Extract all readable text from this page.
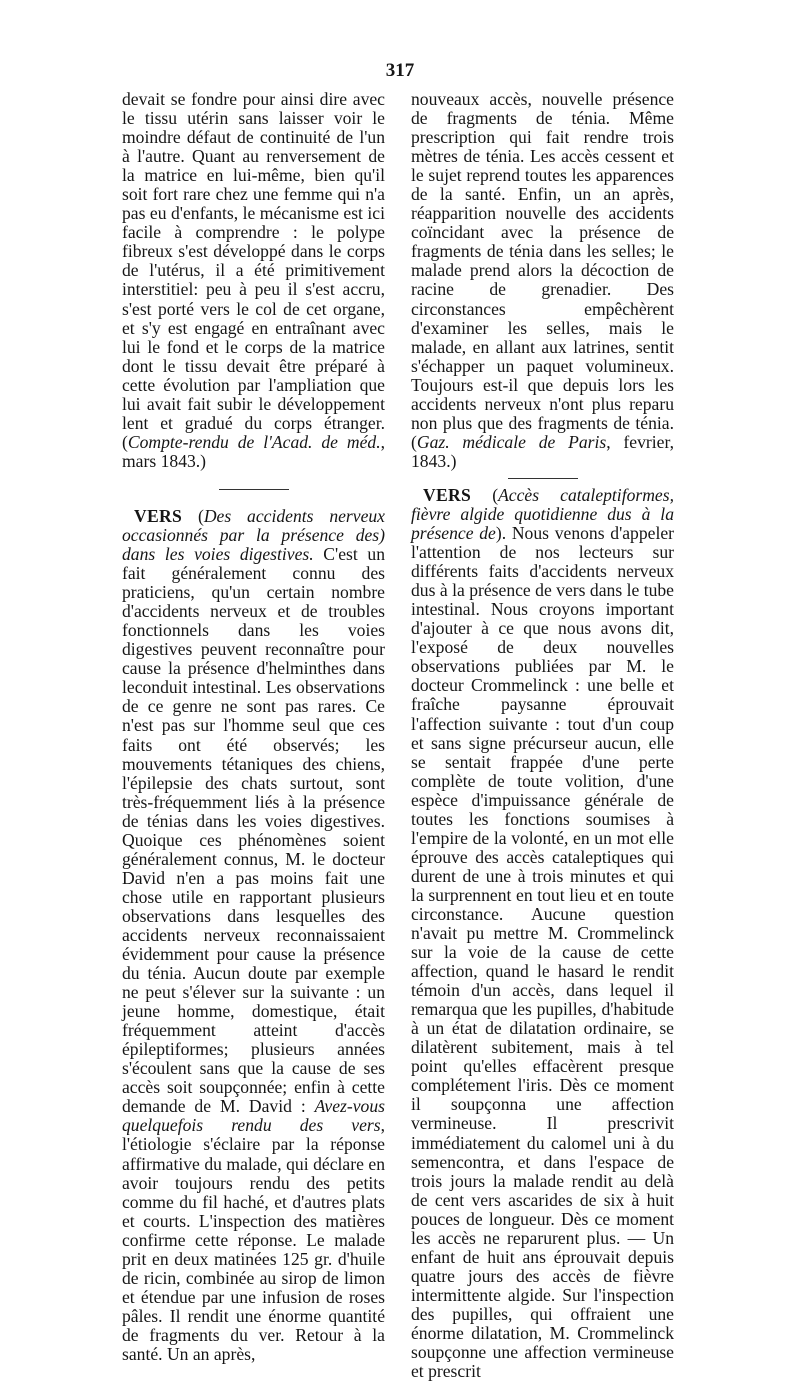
317

devait se fondre pour ainsi dire avec le tissu utérin sans laisser voir le moindre défaut de continuité de l'un à l'autre. Quant au renversement de la matrice en lui-même, bien qu'il soit fort rare chez une femme qui n'a pas eu d'enfants, le mécanisme est ici facile à comprendre : le polype fibreux s'est développé dans le corps de l'utérus, il a été primitivement interstitiel: peu à peu il s'est accru, s'est porté vers le col de cet organe, et s'y est engagé en entraînant avec lui le fond et le corps de la matrice dont le tissu devait être préparé à cette évolution par l'ampliation que lui avait fait subir le développement lent et gradué du corps étranger. (Compte-rendu de l'Acad. de méd., mars 1843.)

VERS (Des accidents nerveux occasionnés par la présence des) dans les voies digestives. C'est un fait généralement connu des praticiens, qu'un certain nombre d'accidents nerveux et de troubles fonctionnels dans les voies digestives peuvent reconnaître pour cause la présence d'helminthes dans leconduit intestinal. Les observations de ce genre ne sont pas rares. Ce n'est pas sur l'homme seul que ces faits ont été observés; les mouvements tétaniques des chiens, l'épilepsie des chats surtout, sont très-fréquemment liés à la présence de ténias dans les voies digestives. Quoique ces phénomènes soient généralement connus, M. le docteur David n'en a pas moins fait une chose utile en rapportant plusieurs observations dans lesquelles des accidents nerveux reconnaissaient évidemment pour cause la présence du ténia. Aucun doute par exemple ne peut s'élever sur la suivante : un jeune homme, domestique, était fréquemment atteint d'accès épileptiformes; plusieurs années s'écoulent sans que la cause de ses accès soit soupçonnée; enfin à cette demande de M. David : Avez-vous quelquefois rendu des vers, l'étiologie s'éclaire par la réponse affirmative du malade, qui déclare en avoir toujours rendu des petits comme du fil haché, et d'autres plats et courts. L'inspection des matières confirme cette réponse. Le malade prit en deux matinées 125 gr. d'huile de ricin, combinée au sirop de limon et étendue par une infusion de roses pâles. Il rendit une énorme quantité de fragments du ver. Retour à la santé. Un an après,

nouveaux accès, nouvelle présence de fragments de ténia. Même prescription qui fait rendre trois mètres de ténia. Les accès cessent et le sujet reprend toutes les apparences de la santé. Enfin, un an après, réapparition nouvelle des accidents coïncidant avec la présence de fragments de ténia dans les selles; le malade prend alors la décoction de racine de grenadier. Des circonstances empêchèrent d'examiner les selles, mais le malade, en allant aux latrines, sentit s'échapper un paquet volumineux. Toujours est-il que depuis lors les accidents nerveux n'ont plus reparu non plus que des fragments de ténia. (Gaz. médicale de Paris, fevrier, 1843.)

VERS (Accès cataleptiformes, fièvre algide quotidienne dus à la présence de). Nous venons d'appeler l'attention de nos lecteurs sur différents faits d'accidents nerveux dus à la présence de vers dans le tube intestinal. Nous croyons important d'ajouter à ce que nous avons dit, l'exposé de deux nouvelles observations publiées par M. le docteur Crommelinck : une belle et fraîche paysanne éprouvait l'affection suivante : tout d'un coup et sans signe précurseur aucun, elle se sentait frappée d'une perte complète de toute volition, d'une espèce d'impuissance générale de toutes les fonctions soumises à l'empire de la volonté, en un mot elle éprouve des accès cataleptiques qui durent de une à trois minutes et qui la surprennent en tout lieu et en toute circonstance. Aucune question n'avait pu mettre M. Crommelinck sur la voie de la cause de cette affection, quand le hasard le rendit témoin d'un accès, dans lequel il remarqua que les pupilles, d'habitude à un état de dilatation ordinaire, se dilatèrent subitement, mais à tel point qu'elles effacèrent presque complétement l'iris. Dès ce moment il soupçonna une affection vermineuse. Il prescrivit immédiatement du calomel uni à du semencontra, et dans l'espace de trois jours la malade rendit au delà de cent vers ascarides de six à huit pouces de longueur. Dès ce moment les accès ne reparurent plus. — Un enfant de huit ans éprouvait depuis quatre jours des accès de fièvre intermittente algide. Sur l'inspection des pupilles, qui offraient une énorme dilatation, M. Crommelinck soupçonne une affection vermineuse et prescrit
